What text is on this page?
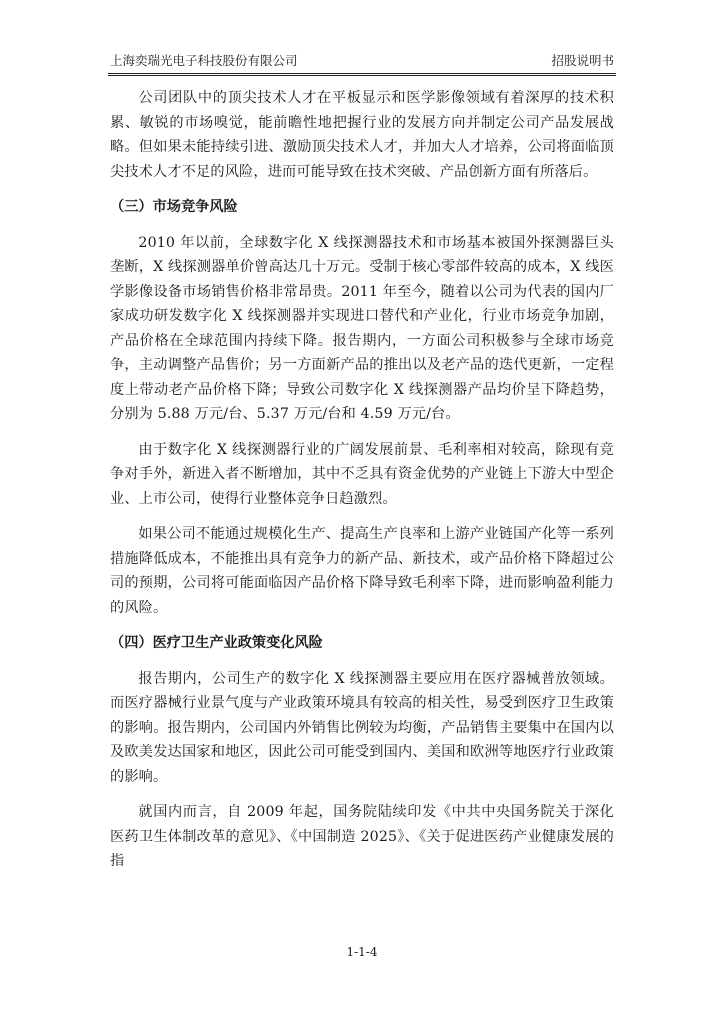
上海奕瑞光电子科技股份有限公司	招股说明书

公司团队中的顶尖技术人才在平板显示和医学影像领域有着深厚的技术积累、敏锐的市场嗅觉，能前瞻性地把握行业的发展方向并制定公司产品发展战略。但如果未能持续引进、激励顶尖技术人才，并加大人才培养，公司将面临顶尖技术人才不足的风险，进而可能导致在技术突破、产品创新方面有所落后。

（三）市场竞争风险

2010 年以前，全球数字化 X 线探测器技术和市场基本被国外探测器巨头垄断，X 线探测器单价曾高达几十万元。受制于核心零部件较高的成本，X 线医学影像设备市场销售价格非常昂贵。2011 年至今，随着以公司为代表的国内厂家成功研发数字化 X 线探测器并实现进口替代和产业化，行业市场竞争加剧，产品价格在全球范围内持续下降。报告期内，一方面公司积极参与全球市场竞争，主动调整产品售价；另一方面新产品的推出以及老产品的迭代更新，一定程度上带动老产品价格下降；导致公司数字化 X 线探测器产品均价呈下降趋势，分别为 5.88 万元/台、5.37 万元/台和 4.59 万元/台。

由于数字化 X 线探测器行业的广阔发展前景、毛利率相对较高，除现有竞争对手外，新进入者不断增加，其中不乏具有资金优势的产业链上下游大中型企业、上市公司，使得行业整体竞争日趋激烈。

如果公司不能通过规模化生产、提高生产良率和上游产业链国产化等一系列措施降低成本，不能推出具有竞争力的新产品、新技术，或产品价格下降超过公司的预期，公司将可能面临因产品价格下降导致毛利率下降，进而影响盈利能力的风险。

（四）医疗卫生产业政策变化风险

报告期内，公司生产的数字化 X 线探测器主要应用在医疗器械普放领域。而医疗器械行业景气度与产业政策环境具有较高的相关性，易受到医疗卫生政策的影响。报告期内，公司国内外销售比例较为均衡，产品销售主要集中在国内以及欧美发达国家和地区，因此公司可能受到国内、美国和欧洲等地医疗行业政策的影响。

就国内而言，自 2009 年起，国务院陆续印发《中共中央国务院关于深化医药卫生体制改革的意见》、《中国制造 2025》、《关于促进医药产业健康发展的指

1-1-4
